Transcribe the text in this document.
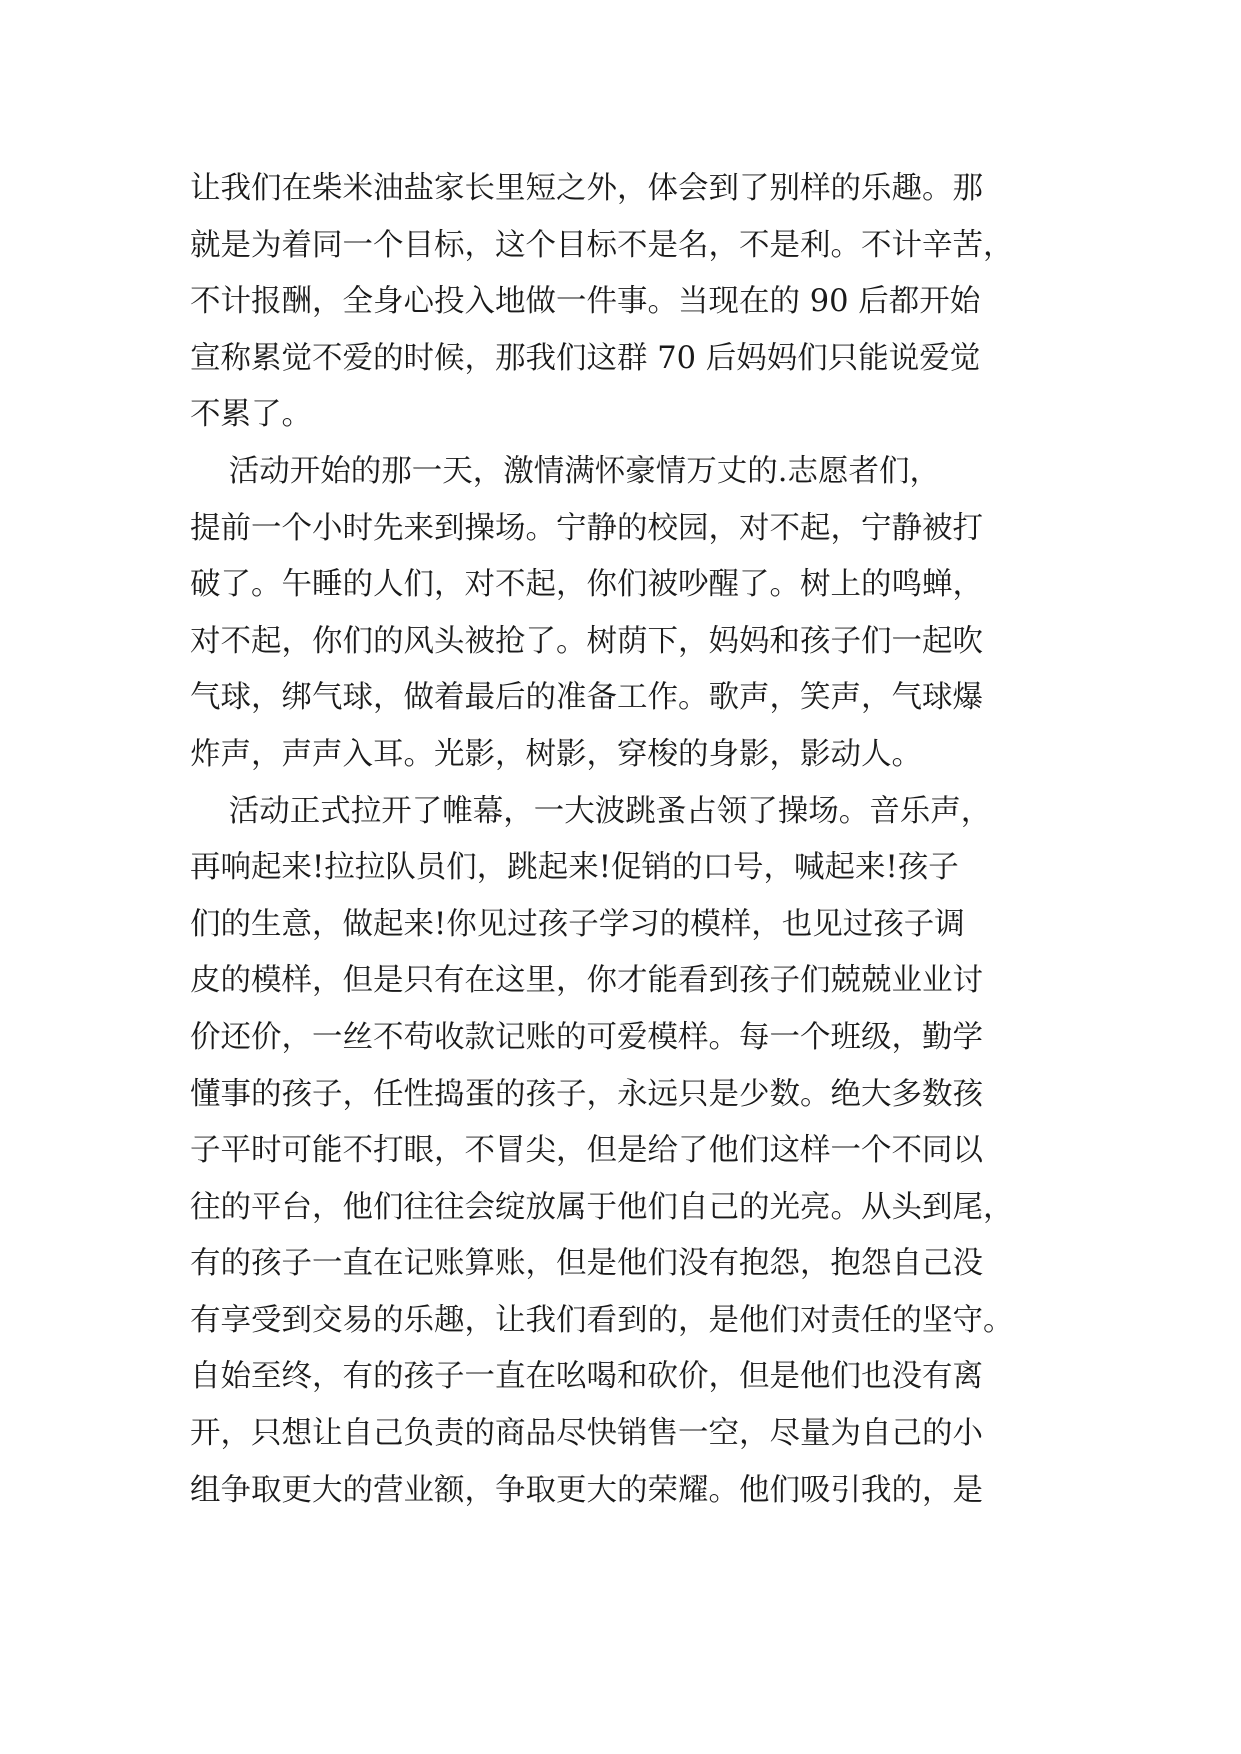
让我们在柴米油盐家长里短之外，体会到了别样的乐趣。那
就是为着同一个目标，这个目标不是名，不是利。不计辛苦，
不计报酬，全身心投入地做一件事。当现在的 90 后都开始
宣称累觉不爱的时候，那我们这群 70 后妈妈们只能说爱觉
不累了。
活动开始的那一天，激情满怀豪情万丈的.志愿者们，
提前一个小时先来到操场。宁静的校园，对不起，宁静被打
破了。午睡的人们，对不起，你们被吵醒了。树上的鸣蝉，
对不起，你们的风头被抢了。树荫下，妈妈和孩子们一起吹
气球，绑气球，做着最后的准备工作。歌声，笑声，气球爆
炸声，声声入耳。光影，树影，穿梭的身影，影动人。
活动正式拉开了帷幕，一大波跳蚤占领了操场。音乐声，
再响起来!拉拉队员们，跳起来!促销的口号，喊起来!孩子
们的生意，做起来!你见过孩子学习的模样，也见过孩子调
皮的模样，但是只有在这里，你才能看到孩子们兢兢业业讨
价还价，一丝不苟收款记账的可爱模样。每一个班级，勤学
懂事的孩子，任性捣蛋的孩子，永远只是少数。绝大多数孩
子平时可能不打眼，不冒尖，但是给了他们这样一个不同以
往的平台，他们往往会绽放属于他们自己的光亮。从头到尾，
有的孩子一直在记账算账，但是他们没有抱怨，抱怨自己没
有享受到交易的乐趣，让我们看到的，是他们对责任的坚守。
自始至终，有的孩子一直在吆喝和砍价，但是他们也没有离
开，只想让自己负责的商品尽快销售一空，尽量为自己的小
组争取更大的营业额，争取更大的荣耀。他们吸引我的，是
